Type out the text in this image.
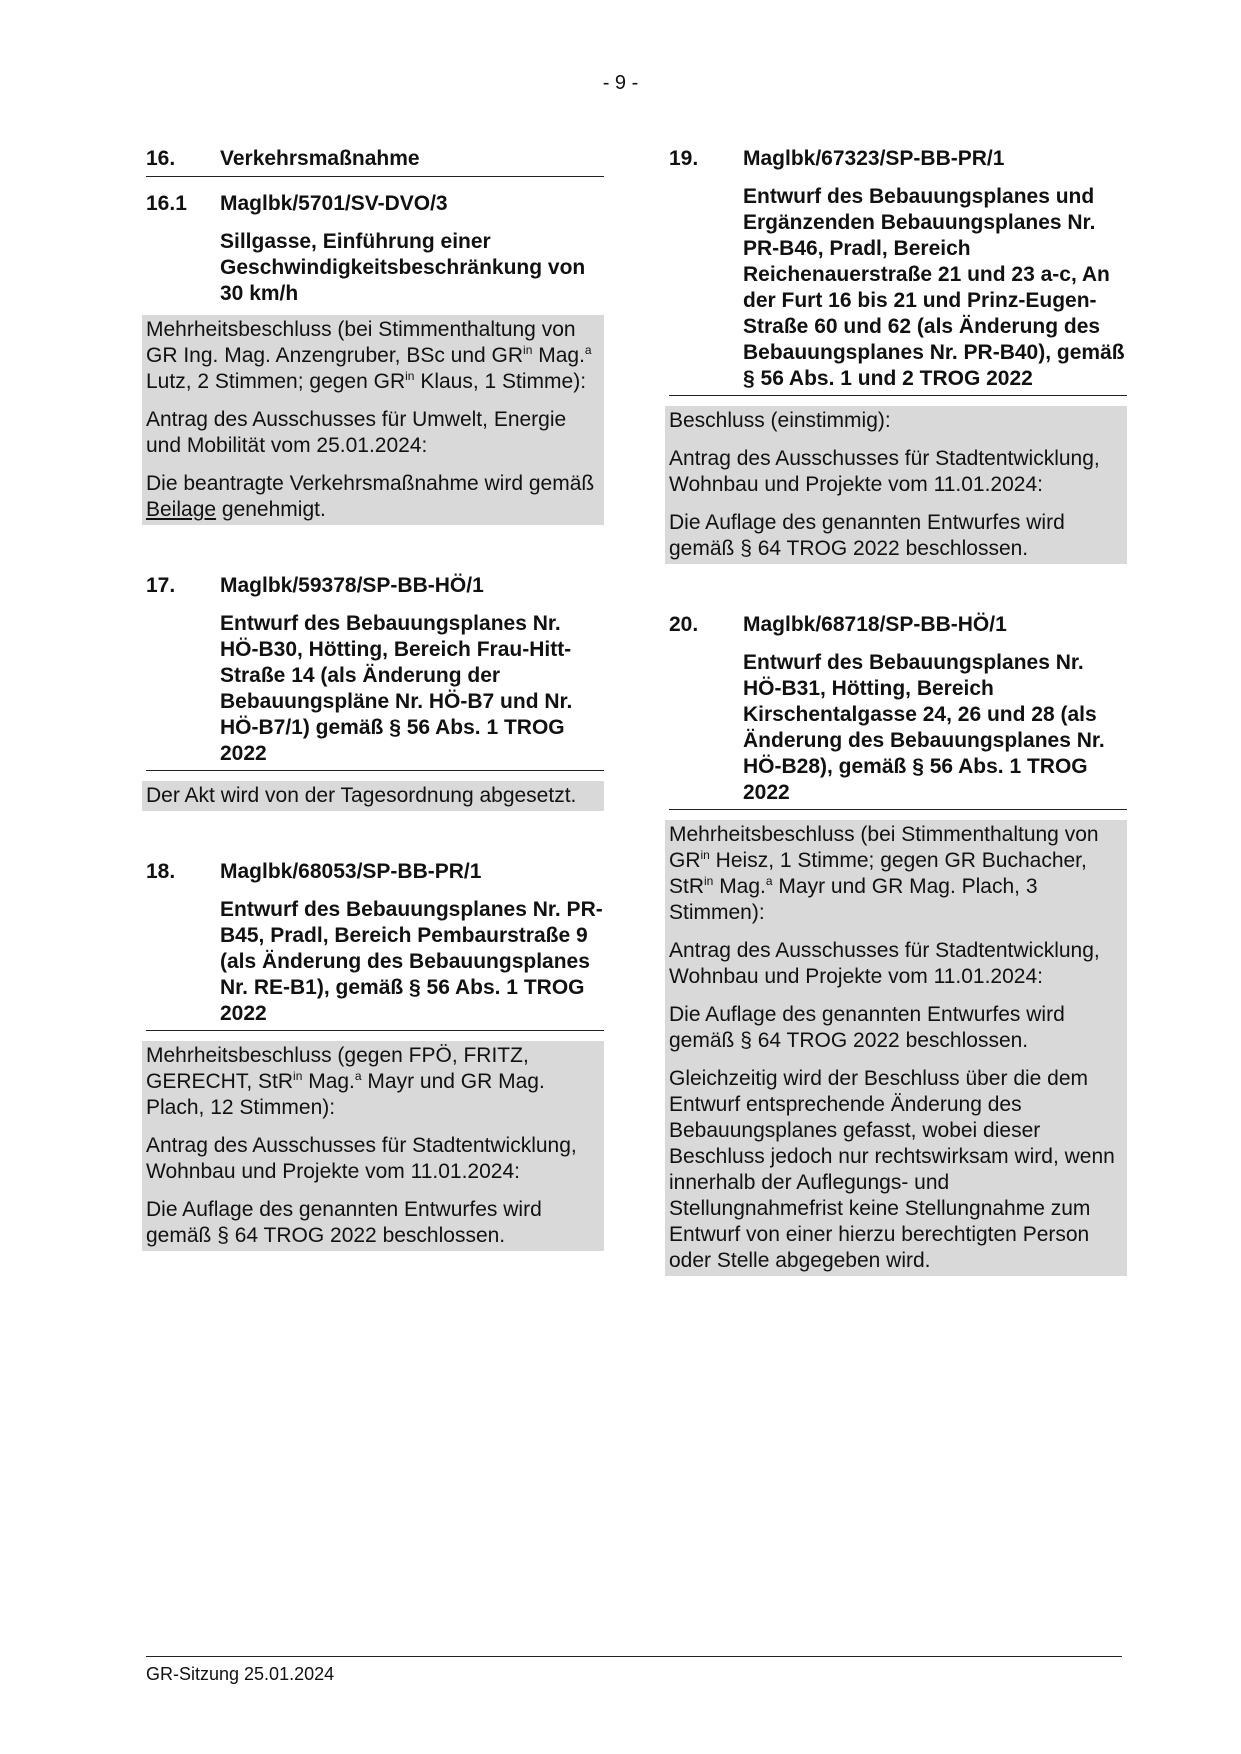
- 9 -
16.	Verkehrsmaßnahme
16.1	Maglbk/5701/SV-DVO/3
Sillgasse, Einführung einer Geschwindigkeitsbeschränkung von 30 km/h

Mehrheitsbeschluss (bei Stimmenthaltung von GR Ing. Mag. Anzengruber, BSc und $GR^{in}$ Mag.$^a$ Lutz, 2 Stimmen; gegen $GR^{in}$ Klaus, 1 Stimme):

Antrag des Ausschusses für Umwelt, Energie und Mobilität vom 25.01.2024:

Die beantragte Verkehrsmaßnahme wird gemäß Beilage genehmigt.

17.	Maglbk/59378/SP-BB-HÖ/1
Entwurf des Bebauungsplanes Nr. HÖ-B30, Hötting, Bereich Frau-Hitt-Straße 14 (als Änderung der Bebauungspläne Nr. HÖ-B7 und Nr. HÖ-B7/1) gemäß § 56 Abs. 1 TROG 2022

Der Akt wird von der Tagesordnung abgesetzt.

18.	Maglbk/68053/SP-BB-PR/1
Entwurf des Bebauungsplanes Nr. PR-B45, Pradl, Bereich Pembaurstraße 9 (als Änderung des Bebauungsplanes Nr. RE-B1), gemäß § 56 Abs. 1 TROG 2022

Mehrheitsbeschluss (gegen FPÖ, FRITZ, GERECHT, StR$^{in}$ Mag.$^a$ Mayr und GR Mag. Plach, 12 Stimmen):

Antrag des Ausschusses für Stadtentwicklung, Wohnbau und Projekte vom 11.01.2024:

Die Auflage des genannten Entwurfes wird gemäß § 64 TROG 2022 beschlossen.

19.	Maglbk/67323/SP-BB-PR/1
Entwurf des Bebauungsplanes und Ergänzenden Bebauungsplanes Nr. PR-B46, Pradl, Bereich Reichenauerstraße 21 und 23 a-c, An der Furt 16 bis 21 und Prinz-Eugen-Straße 60 und 62 (als Änderung des Bebauungsplanes Nr. PR-B40), gemäß § 56 Abs. 1 und 2 TROG 2022

Beschluss (einstimmig):

Antrag des Ausschusses für Stadtentwicklung, Wohnbau und Projekte vom 11.01.2024:

Die Auflage des genannten Entwurfes wird gemäß § 64 TROG 2022 beschlossen.

20.	Maglbk/68718/SP-BB-HÖ/1
Entwurf des Bebauungsplanes Nr. HÖ-B31, Hötting, Bereich Kirschentalgasse 24, 26 und 28 (als Änderung des Bebauungsplanes Nr. HÖ-B28), gemäß § 56 Abs. 1 TROG 2022

Mehrheitsbeschluss (bei Stimmenthaltung von $GR^{in}$ Heisz, 1 Stimme; gegen GR Buchacher, StR$^{in}$ Mag.$^a$ Mayr und GR Mag. Plach, 3 Stimmen):

Antrag des Ausschusses für Stadtentwicklung, Wohnbau und Projekte vom 11.01.2024:

Die Auflage des genannten Entwurfes wird gemäß § 64 TROG 2022 beschlossen.

Gleichzeitig wird der Beschluss über die dem Entwurf entsprechende Änderung des Bebauungsplanes gefasst, wobei dieser Beschluss jedoch nur rechtswirksam wird, wenn innerhalb der Auflegungs- und Stellungnahmefrist keine Stellungnahme zum Entwurf von einer hierzu berechtigten Person oder Stelle abgegeben wird.

GR-Sitzung 25.01.2024
